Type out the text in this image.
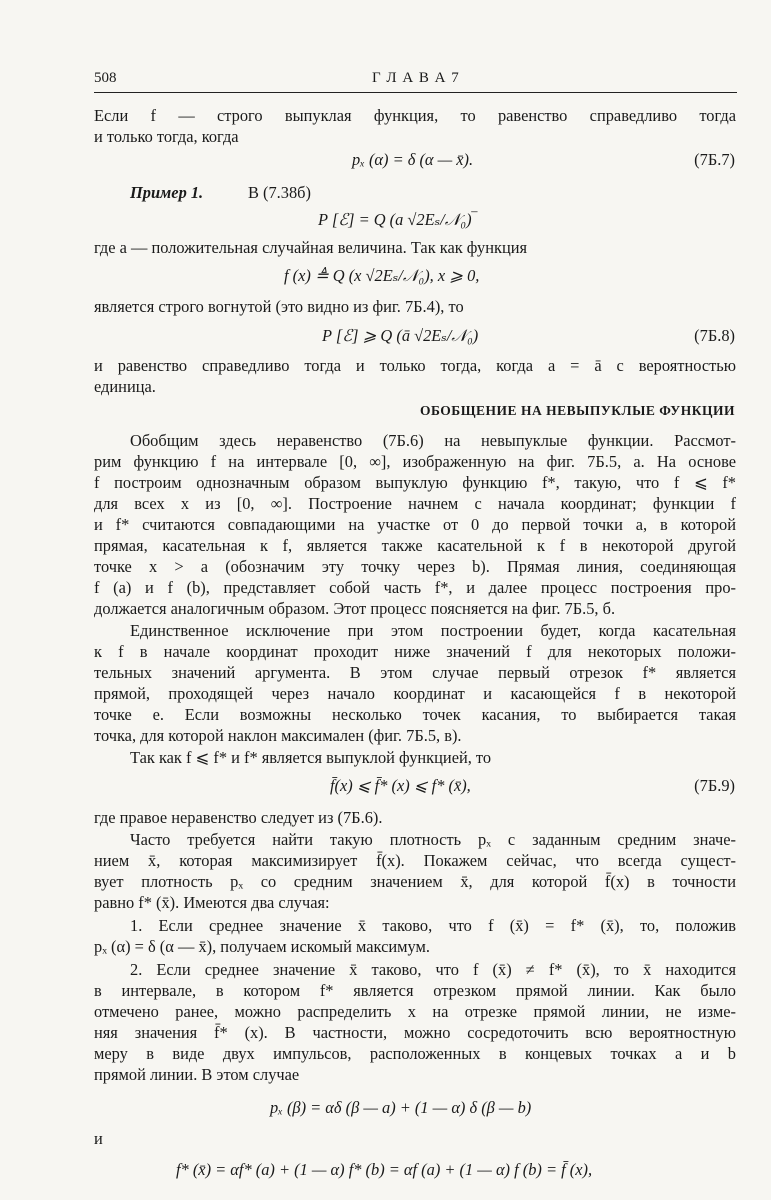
508	Г Л А В А 7
Если f — строго выпуклая функция, то равенство справедливо тогда
и только тогда, когда
pₓ (α) = δ (α — x̄).	(7Б.7)
Пример 1.	В (7.38б)
P [ℰ] = Q (a √2Eₛ/𝒩₀)‾
где a — положительная случайная величина. Так как функция
f (x) ≜ Q (x √2Eₛ/𝒩₀), x ⩾ 0,
является строго вогнутой (это видно из фиг. 7Б.4), то
P [ℰ] ⩾ Q (ā √2Eₛ/𝒩₀)	(7Б.8)
и равенство справедливо тогда и только тогда, когда a = ā с вероятностью
единица.
ОБОБЩЕНИЕ НА НЕВЫПУКЛЫЕ ФУНКЦИИ
Обобщим здесь неравенство (7Б.6) на невыпуклые функции. Рассмот-
рим функцию f на интервале [0, ∞], изображенную на фиг. 7Б.5, a. На основе
f построим однозначным образом выпуклую функцию f*, такую, что f ⩽ f*
для всех x из [0, ∞]. Построение начнем с начала координат; функции f
и f* считаются совпадающими на участке от 0 до первой точки a, в которой
прямая, касательная к f, является также касательной к f в некоторой другой
точке x > a (обозначим эту точку через b). Прямая линия, соединяющая
f (a) и f (b), представляет собой часть f*, и далее процесс построения про-
должается аналогичным образом. Этот процесс поясняется на фиг. 7Б.5, б.
Единственное исключение при этом построении будет, когда касательная
к f в начале координат проходит ниже значений f для некоторых положи-
тельных значений аргумента. В этом случае первый отрезок f* является
прямой, проходящей через начало координат и касающейся f в некоторой
точке e. Если возможны несколько точек касания, то выбирается такая
точка, для которой наклон максимален (фиг. 7Б.5, в).
Так как f ⩽ f* и f* является выпуклой функцией, то
f̄(x) ⩽ f̄* (x) ⩽ f* (x̄),	(7Б.9)
где правое неравенство следует из (7Б.6).
Часто требуется найти такую плотность pₓ с заданным средним значе-
нием x̄, которая максимизирует f̄(x). Покажем сейчас, что всегда сущест-
вует плотность pₓ со средним значением x̄, для которой f̄(x) в точности
равно f* (x̄). Имеются два случая:
1. Если среднее значение x̄ таково, что f (x̄) = f* (x̄), то, положив
pₓ (α) = δ (α — x̄), получаем искомый максимум.
2. Если среднее значение x̄ таково, что f (x̄) ≠ f* (x̄), то x̄ находится
в интервале, в котором f* является отрезком прямой линии. Как было
отмечено ранее, можно распределить x на отрезке прямой линии, не изме-
няя значения f̄* (x). В частности, можно сосредоточить всю вероятностную
меру в виде двух импульсов, расположенных в концевых точках a и b
прямой линии. В этом случае
pₓ (β) = αδ (β — a) + (1 — α) δ (β — b)
и
f* (x̄) = αf* (a) + (1 — α) f* (b) = αf (a) + (1 — α) f (b) = f̄ (x),
